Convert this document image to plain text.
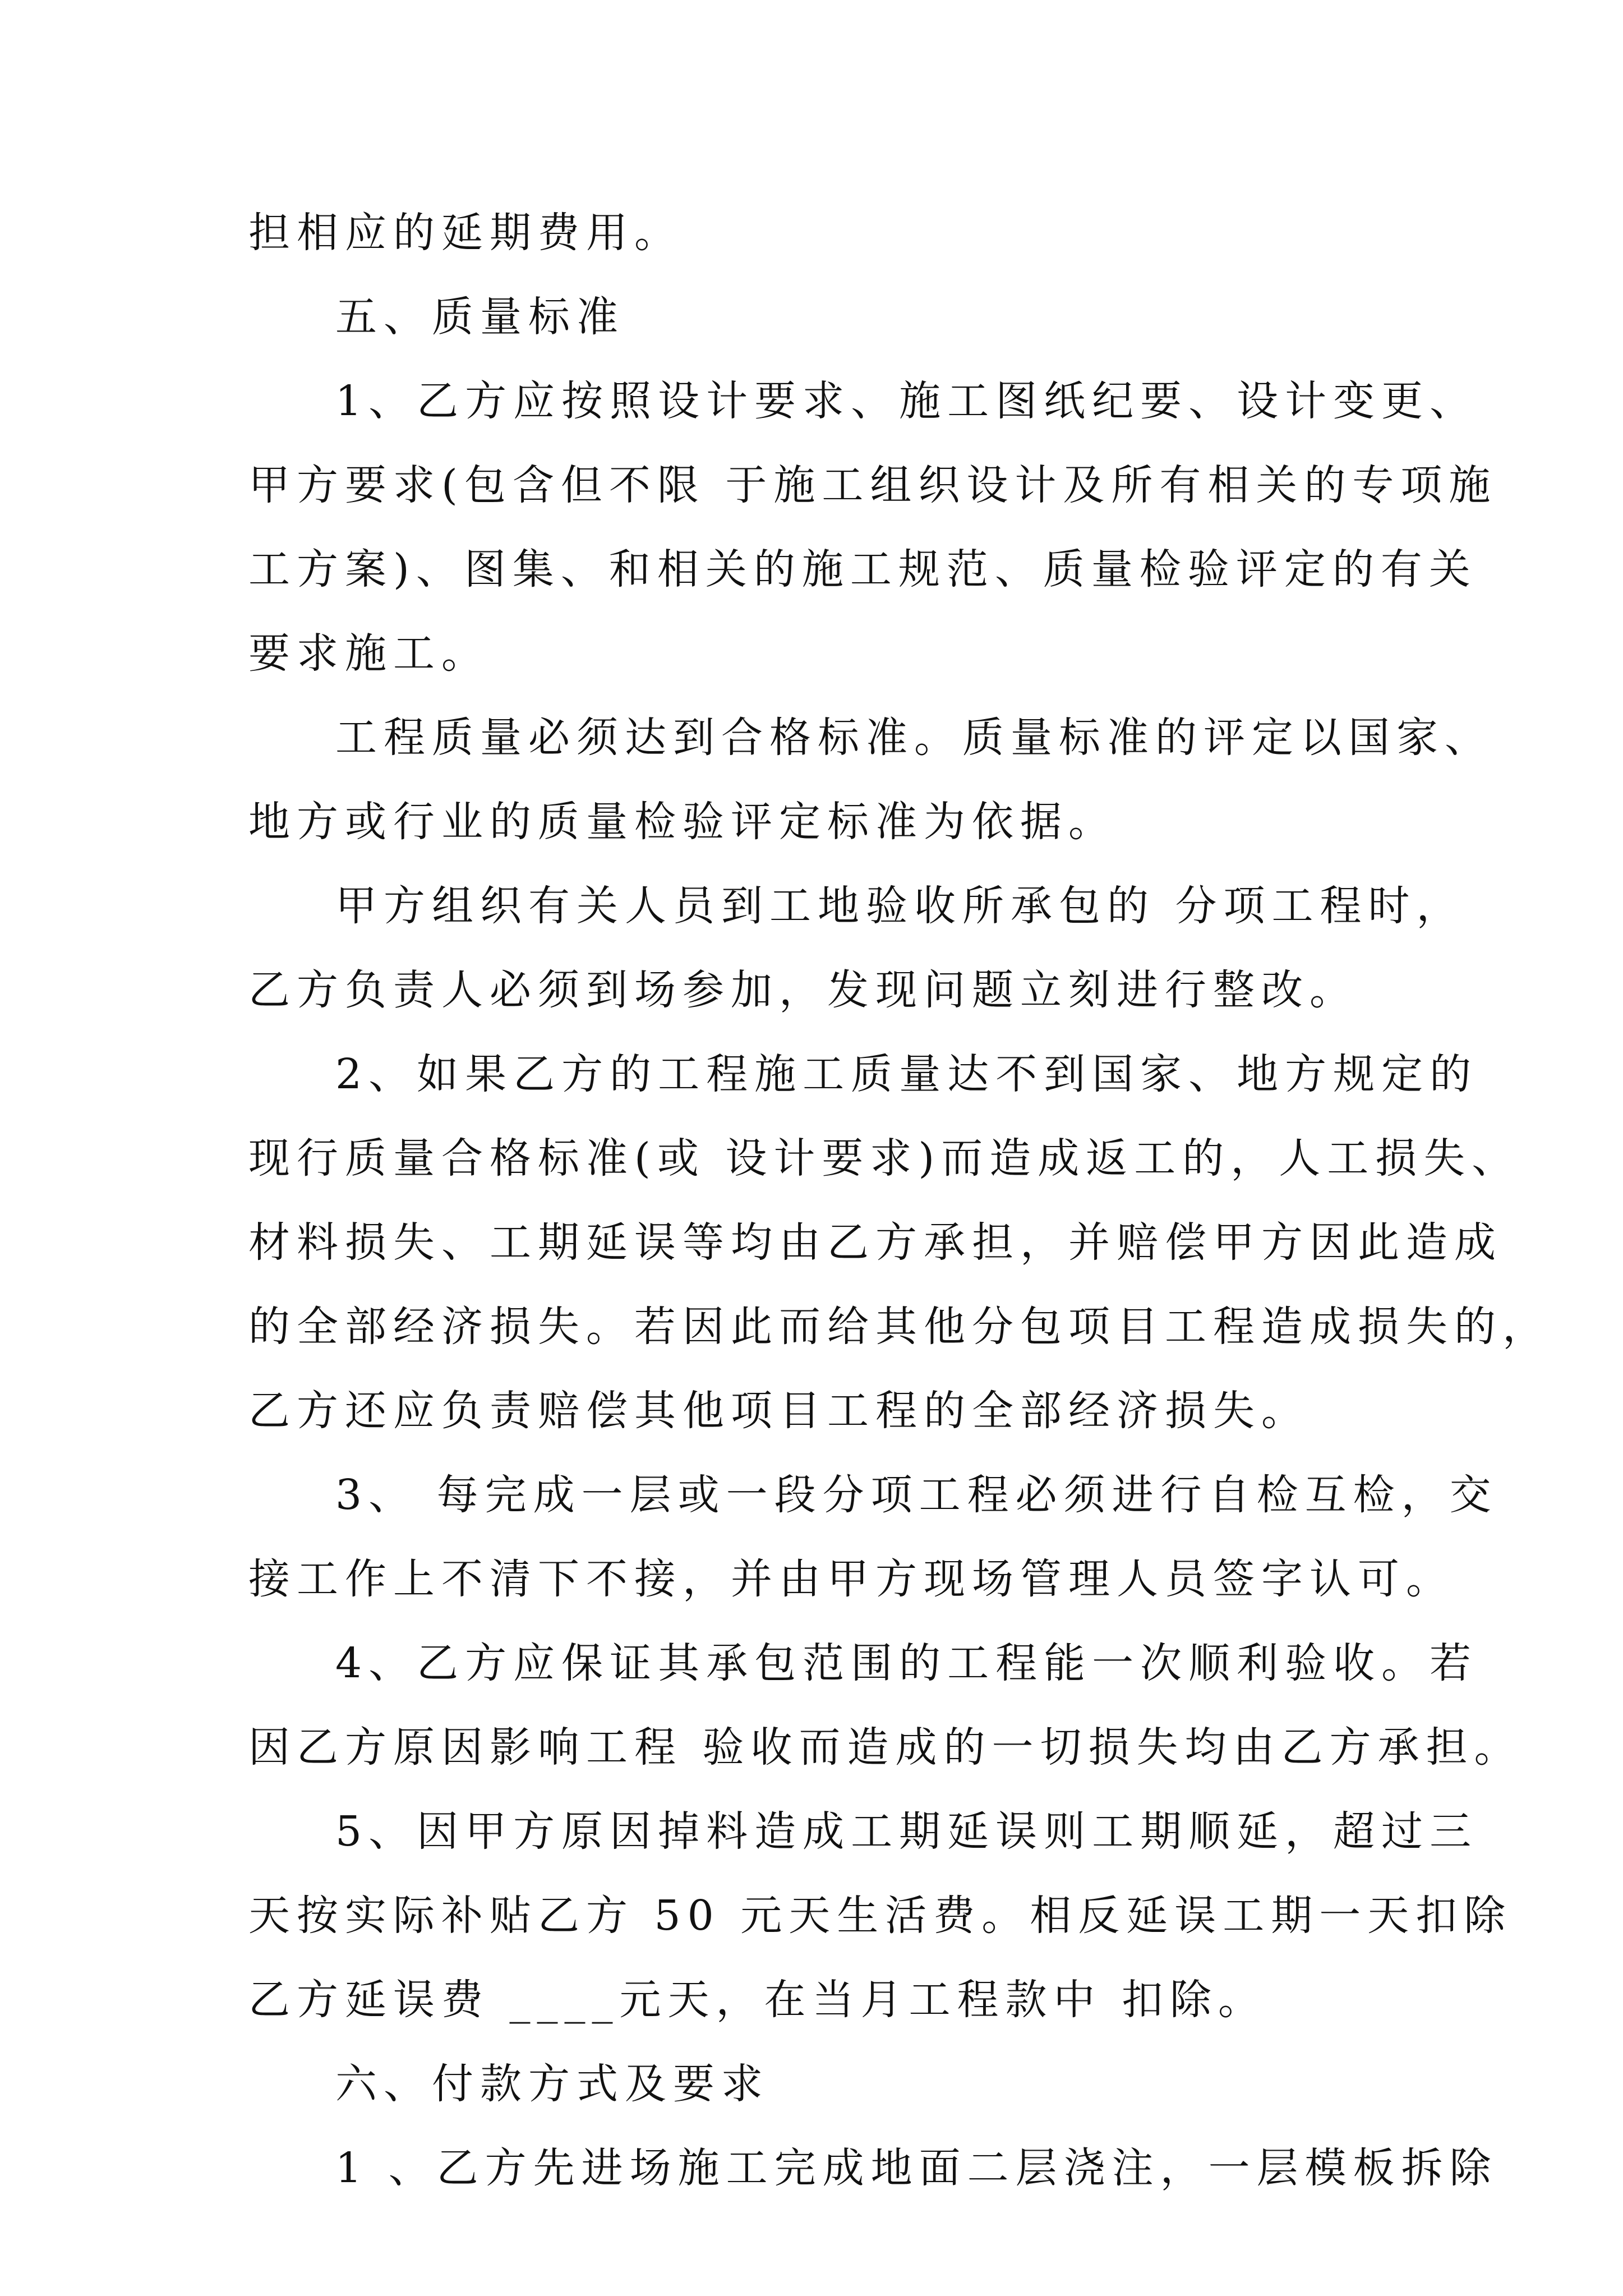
担相应的延期费用。
五、质量标准
1、乙方应按照设计要求、施工图纸纪要、设计变更、
甲方要求(包含但不限 于施工组织设计及所有相关的专项施
工方案)、图集、和相关的施工规范、质量检验评定的有关
要求施工。
工程质量必须达到合格标准。质量标准的评定以国家、
地方或行业的质量检验评定标准为依据。
甲方组织有关人员到工地验收所承包的 分项工程时，
乙方负责人必须到场参加，发现问题立刻进行整改。
2、如果乙方的工程施工质量达不到国家、地方规定的
现行质量合格标准(或 设计要求)而造成返工的，人工损失、
材料损失、工期延误等均由乙方承担，并赔偿甲方因此造成
的全部经济损失。若因此而给其他分包项目工程造成损失的，
乙方还应负责赔偿其他项目工程的全部经济损失。
3、 每完成一层或一段分项工程必须进行自检互检，交
接工作上不清下不接，并由甲方现场管理人员签字认可。
4、乙方应保证其承包范围的工程能一次顺利验收。若
因乙方原因影响工程 验收而造成的一切损失均由乙方承担。
5、因甲方原因掉料造成工期延误则工期顺延，超过三
天按实际补贴乙方 50 元天生活费。相反延误工期一天扣除
乙方延误费 ____元天，在当月工程款中 扣除。
六、付款方式及要求
1 、乙方先进场施工完成地面二层浇注，一层模板拆除
